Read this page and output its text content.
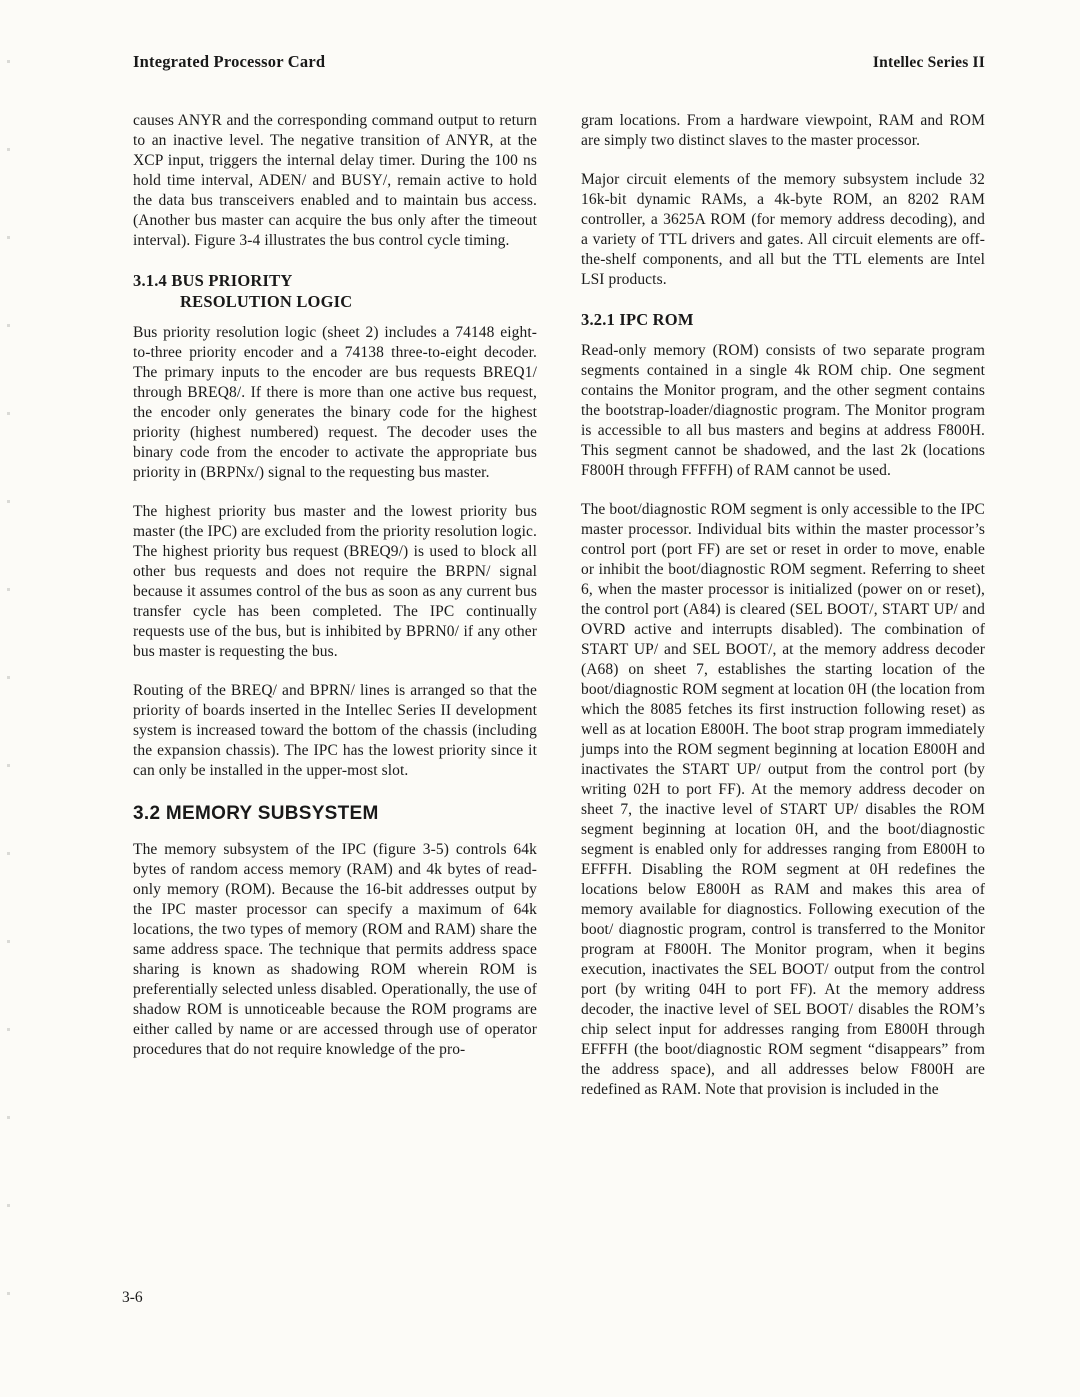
Integrated Processor Card	Intellec Series II

causes ANYR and the corresponding command output to return to an inactive level. The negative transition of ANYR, at the XCP input, triggers the internal delay timer. During the 100 ns hold time interval, ADEN/ and BUSY/, remain active to hold the data bus transceivers enabled and to maintain bus access. (Another bus master can acquire the bus only after the timeout interval). Figure 3-4 illustrates the bus control cycle timing.

3.1.4 BUS PRIORITY
RESOLUTION LOGIC

Bus priority resolution logic (sheet 2) includes a 74148 eight-to-three priority encoder and a 74138 three-to-eight decoder. The primary inputs to the encoder are bus requests BREQ1/ through BREQ8/. If there is more than one active bus request, the encoder only generates the binary code for the highest priority (highest numbered) request. The decoder uses the binary code from the encoder to activate the appropriate bus priority in (BRPNx/) signal to the requesting bus master.

The highest priority bus master and the lowest priority bus master (the IPC) are excluded from the priority resolution logic. The highest priority bus request (BREQ9/) is used to block all other bus requests and does not require the BRPN/ signal because it assumes control of the bus as soon as any current bus transfer cycle has been completed. The IPC continually requests use of the bus, but is inhibited by BPRN0/ if any other bus master is requesting the bus.

Routing of the BREQ/ and BPRN/ lines is arranged so that the priority of boards inserted in the Intellec Series II development system is increased toward the bottom of the chassis (including the expansion chassis). The IPC has the lowest priority since it can only be installed in the upper-most slot.

3.2 MEMORY SUBSYSTEM

The memory subsystem of the IPC (figure 3-5) controls 64k bytes of random access memory (RAM) and 4k bytes of read-only memory (ROM). Because the 16-bit addresses output by the IPC master processor can specify a maximum of 64k locations, the two types of memory (ROM and RAM) share the same address space. The technique that permits address space sharing is known as shadowing ROM wherein ROM is preferentially selected unless disabled. Operationally, the use of shadow ROM is unnoticeable because the ROM programs are either called by name or are accessed through use of operator procedures that do not require knowledge of the pro-

gram locations. From a hardware viewpoint, RAM and ROM are simply two distinct slaves to the master processor.

Major circuit elements of the memory subsystem include 32 16k-bit dynamic RAMs, a 4k-byte ROM, an 8202 RAM controller, a 3625A ROM (for memory address decoding), and a variety of TTL drivers and gates. All circuit elements are off-the-shelf components, and all but the TTL elements are Intel LSI products.

3.2.1 IPC ROM

Read-only memory (ROM) consists of two separate program segments contained in a single 4k ROM chip. One segment contains the Monitor program, and the other segment contains the bootstrap-loader/diagnostic program. The Monitor program is accessible to all bus masters and begins at address F800H. This segment cannot be shadowed, and the last 2k (locations F800H through FFFFH) of RAM cannot be used.

The boot/diagnostic ROM segment is only accessible to the IPC master processor. Individual bits within the master processor’s control port (port FF) are set or reset in order to move, enable or inhibit the boot/diagnostic ROM segment. Referring to sheet 6, when the master processor is initialized (power on or reset), the control port (A84) is cleared (SEL BOOT/, START UP/ and OVRD active and interrupts disabled). The combination of START UP/ and SEL BOOT/, at the memory address decoder (A68) on sheet 7, establishes the starting location of the boot/diagnostic ROM segment at location 0H (the location from which the 8085 fetches its first instruction following reset) as well as at location E800H. The boot strap program immediately jumps into the ROM segment beginning at location E800H and inactivates the START UP/ output from the control port (by writing 02H to port FF). At the memory address decoder on sheet 7, the inactive level of START UP/ disables the ROM segment beginning at location 0H, and the boot/diagnostic segment is enabled only for addresses ranging from E800H to EFFFH. Disabling the ROM segment at 0H redefines the locations below E800H as RAM and makes this area of memory available for diagnostics. Following execution of the boot/ diagnostic program, control is transferred to the Monitor program at F800H. The Monitor program, when it begins execution, inactivates the SEL BOOT/ output from the control port (by writing 04H to port FF). At the memory address decoder, the inactive level of SEL BOOT/ disables the ROM’s chip select input for addresses ranging from E800H through EFFFH (the boot/diagnostic ROM segment “disappears” from the address space), and all addresses below F800H are redefined as RAM. Note that provision is included in the

3-6
